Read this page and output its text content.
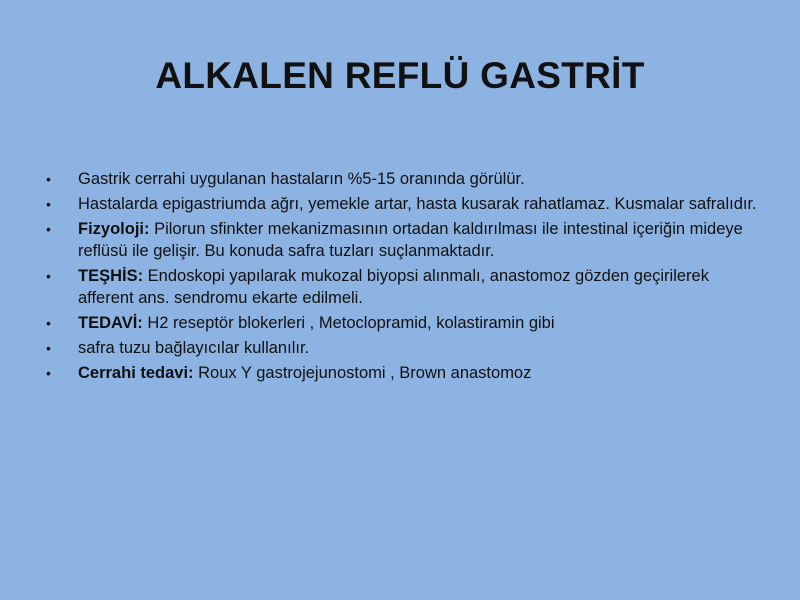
ALKALEN REFLÜ GASTRİT
•	Gastrik cerrahi uygulanan hastaların %5-15 oranında görülür.
•	Hastalarda epigastriumda ağrı, yemekle artar, hasta kusarak rahatlamaz. Kusmalar safralıdır.
•	Fizyoloji: Pilorun sfinkter mekanizmasının ortadan kaldırılması ile intestinal içeriğin mideye reflüsü ile gelişir. Bu konuda safra tuzları suçlanmaktadır.
•	TEŞHİS: Endoskopi yapılarak mukozal biyopsi alınmalı, anastomoz gözden geçirilerek afferent ans. sendromu ekarte edilmeli.
•	TEDAVİ: H2 reseptör blokerleri , Metoclopramid, kolastiramin gibi
•	safra tuzu bağlayıcılar kullanılır.
•	Cerrahi tedavi: Roux Y gastrojejunostomi , Brown anastomoz
